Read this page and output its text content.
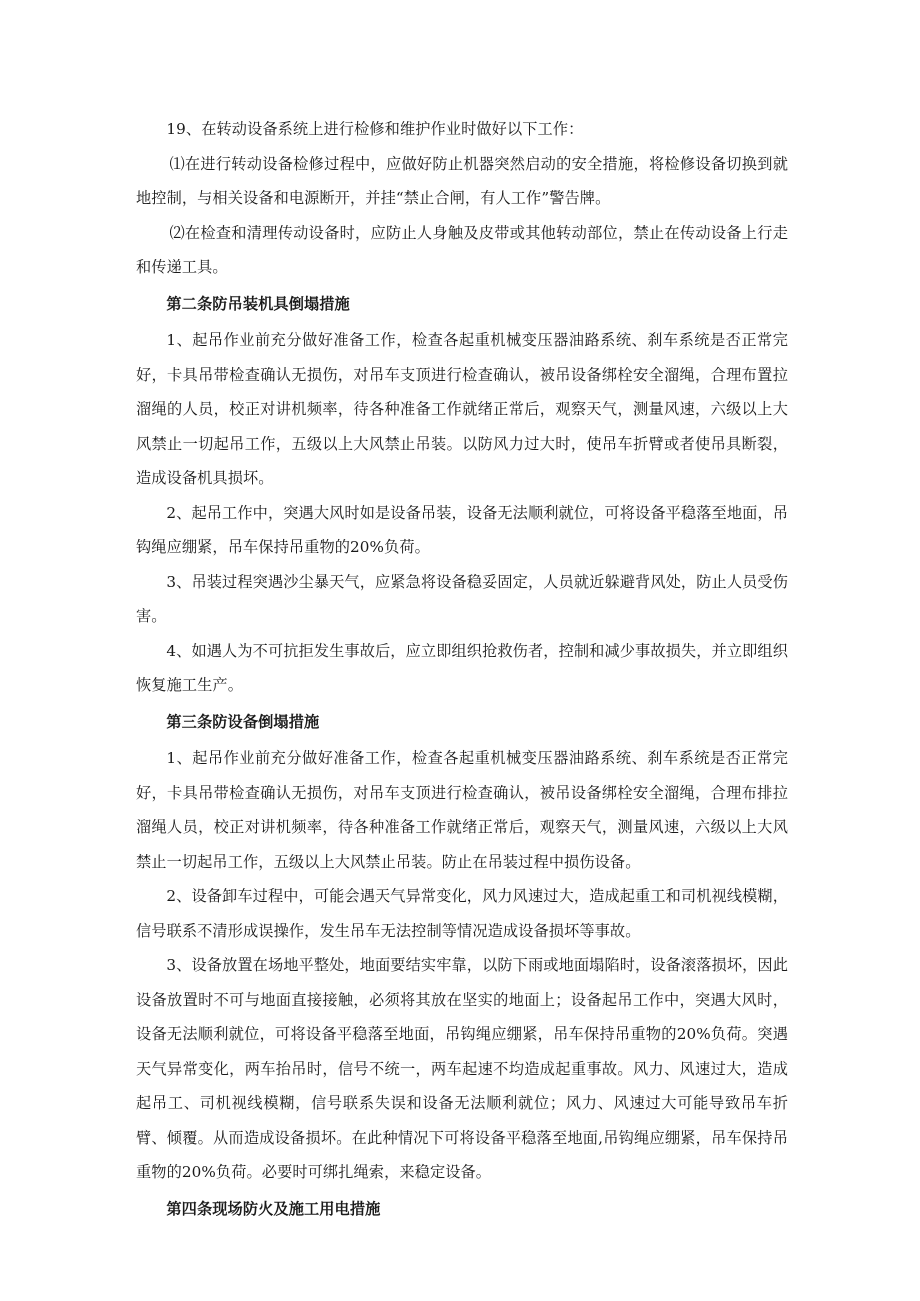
19、在转动设备系统上进行检修和维护作业时做好以下工作：

⑴在进行转动设备检修过程中，应做好防止机器突然启动的安全措施，将检修设备切换到就地控制，与相关设备和电源断开，并挂“禁止合闸，有人工作”警告牌。

⑵在检查和清理传动设备时，应防止人身触及皮带或其他转动部位，禁止在传动设备上行走和传递工具。

第二条防吊装机具倒塌措施

1、起吊作业前充分做好准备工作，检查各起重机械变压器油路系统、刹车系统是否正常完好，卡具吊带检查确认无损伤，对吊车支顶进行检查确认，被吊设备绑栓安全溜绳，合理布置拉溜绳的人员，校正对讲机频率，待各种准备工作就绪正常后，观察天气，测量风速，六级以上大风禁止一切起吊工作，五级以上大风禁止吊装。以防风力过大时，使吊车折臂或者使吊具断裂，造成设备机具损坏。

2、起吊工作中，突遇大风时如是设备吊装，设备无法顺利就位，可将设备平稳落至地面，吊钩绳应绷紧，吊车保持吊重物的20%负荷。

3、吊装过程突遇沙尘暴天气，应紧急将设备稳妥固定，人员就近躲避背风处，防止人员受伤害。

4、如遇人为不可抗拒发生事故后，应立即组织抢救伤者，控制和减少事故损失，并立即组织恢复施工生产。

第三条防设备倒塌措施

1、起吊作业前充分做好准备工作，检查各起重机械变压器油路系统、刹车系统是否正常完好，卡具吊带检查确认无损伤，对吊车支顶进行检查确认，被吊设备绑栓安全溜绳，合理布排拉溜绳人员，校正对讲机频率，待各种准备工作就绪正常后，观察天气，测量风速，六级以上大风禁止一切起吊工作，五级以上大风禁止吊装。防止在吊装过程中损伤设备。

2、设备卸车过程中，可能会遇天气异常变化，风力风速过大，造成起重工和司机视线模糊，信号联系不清形成误操作，发生吊车无法控制等情况造成设备损坏等事故。

3、设备放置在场地平整处，地面要结实牢靠，以防下雨或地面塌陷时，设备滚落损坏，因此设备放置时不可与地面直接接触，必须将其放在坚实的地面上；设备起吊工作中，突遇大风时，设备无法顺利就位，可将设备平稳落至地面，吊钩绳应绷紧，吊车保持吊重物的20%负荷。突遇天气异常变化，两车抬吊时，信号不统一，两车起速不均造成起重事故。风力、风速过大，造成起吊工、司机视线模糊，信号联系失误和设备无法顺利就位；风力、风速过大可能导致吊车折臂、倾覆。从而造成设备损坏。在此种情况下可将设备平稳落至地面,吊钩绳应绷紧，吊车保持吊重物的20%负荷。必要时可绑扎绳索，来稳定设备。

第四条现场防火及施工用电措施
